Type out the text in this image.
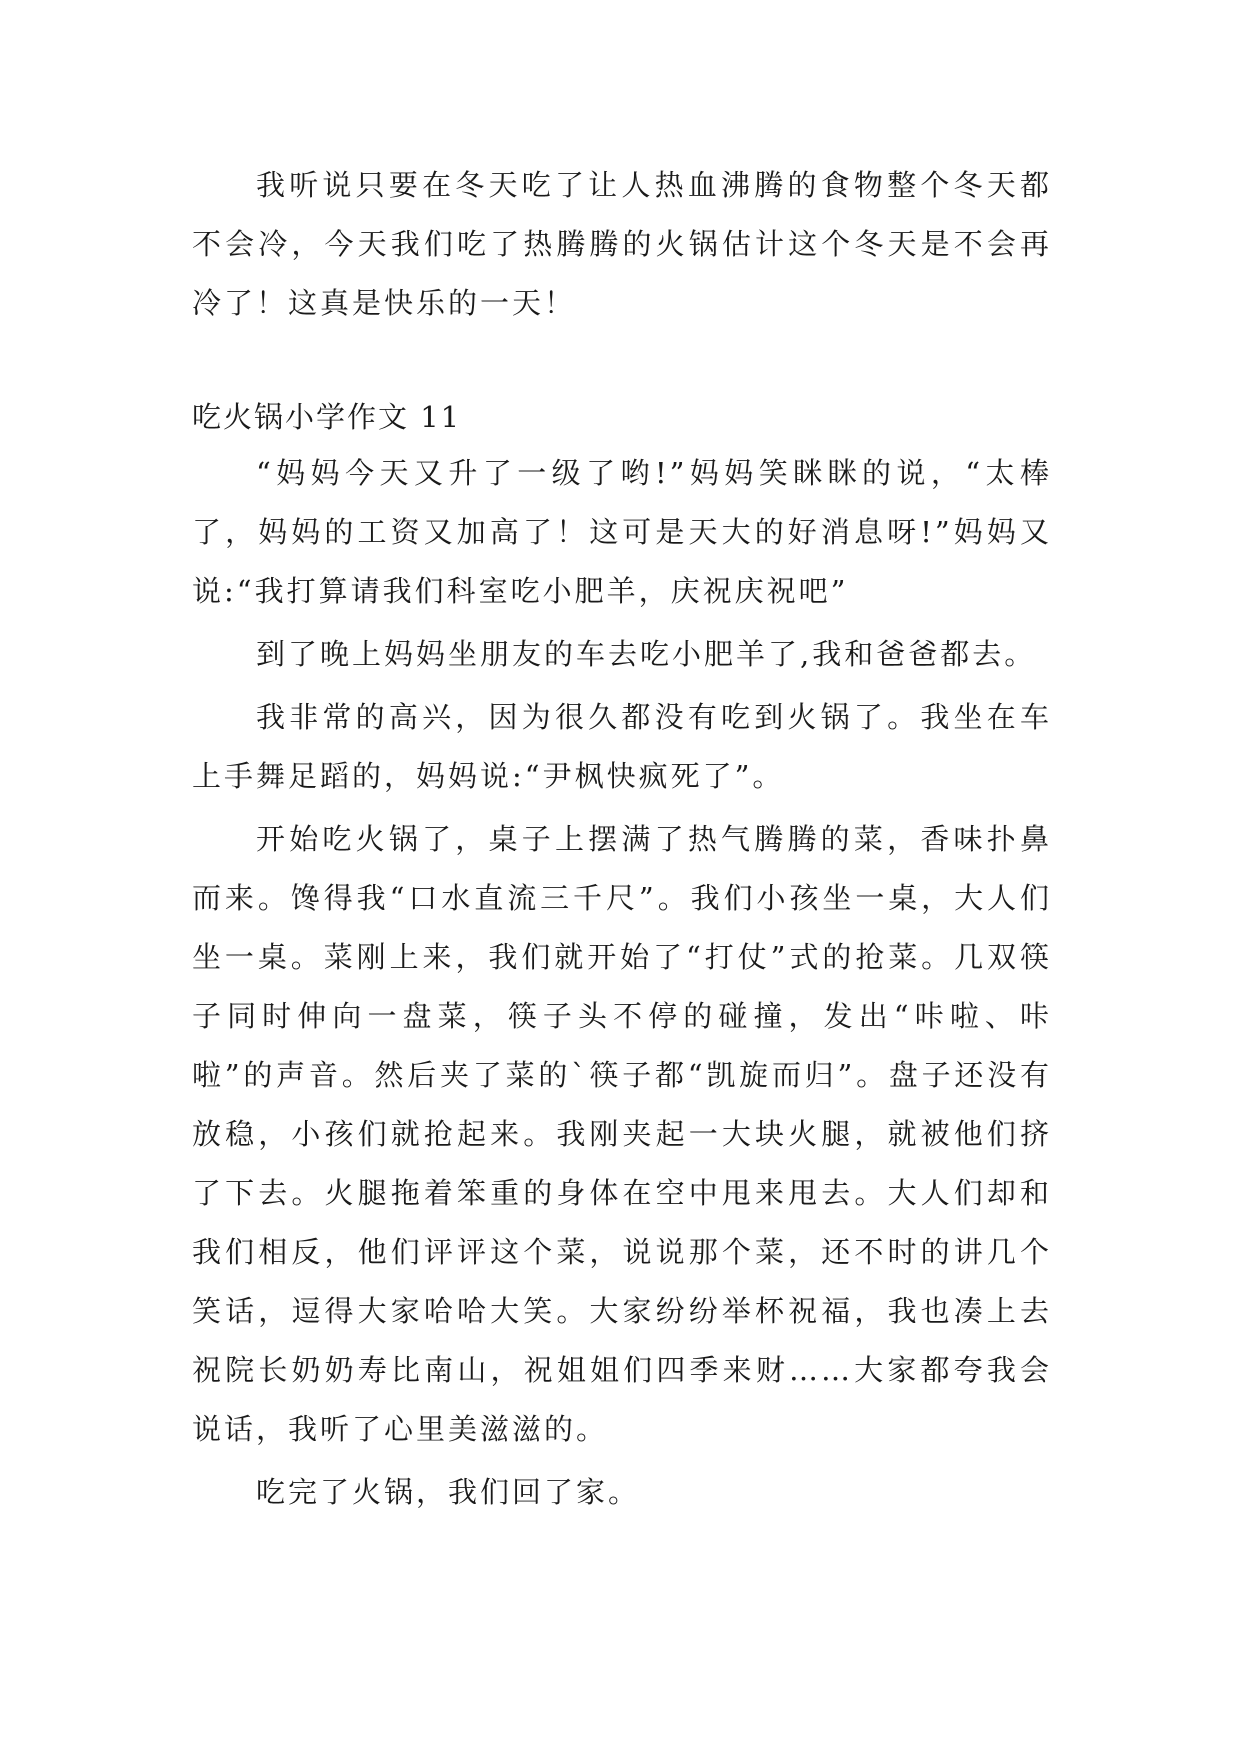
我听说只要在冬天吃了让人热血沸腾的食物整个冬天都不会冷，今天我们吃了热腾腾的火锅估计这个冬天是不会再冷了！这真是快乐的一天！

吃火锅小学作文 11

“妈妈今天又升了一级了哟!”妈妈笑眯眯的说，“太棒了，妈妈的工资又加高了！这可是天大的好消息呀!”妈妈又说:“我打算请我们科室吃小肥羊，庆祝庆祝吧”

到了晚上妈妈坐朋友的车去吃小肥羊了,我和爸爸都去。

我非常的高兴，因为很久都没有吃到火锅了。我坐在车上手舞足蹈的，妈妈说:“尹枫快疯死了”。

开始吃火锅了，桌子上摆满了热气腾腾的菜，香味扑鼻而来。馋得我“口水直流三千尺”。我们小孩坐一桌，大人们坐一桌。菜刚上来，我们就开始了“打仗”式的抢菜。几双筷子同时伸向一盘菜，筷子头不停的碰撞，发出“咔啦、咔啦”的声音。然后夹了菜的`筷子都“凯旋而归”。盘子还没有放稳，小孩们就抢起来。我刚夹起一大块火腿，就被他们挤了下去。火腿拖着笨重的身体在空中甩来甩去。大人们却和我们相反，他们评评这个菜，说说那个菜，还不时的讲几个笑话，逗得大家哈哈大笑。大家纷纷举杯祝福，我也凑上去祝院长奶奶寿比南山，祝姐姐们四季来财……大家都夸我会说话，我听了心里美滋滋的。

吃完了火锅，我们回了家。
